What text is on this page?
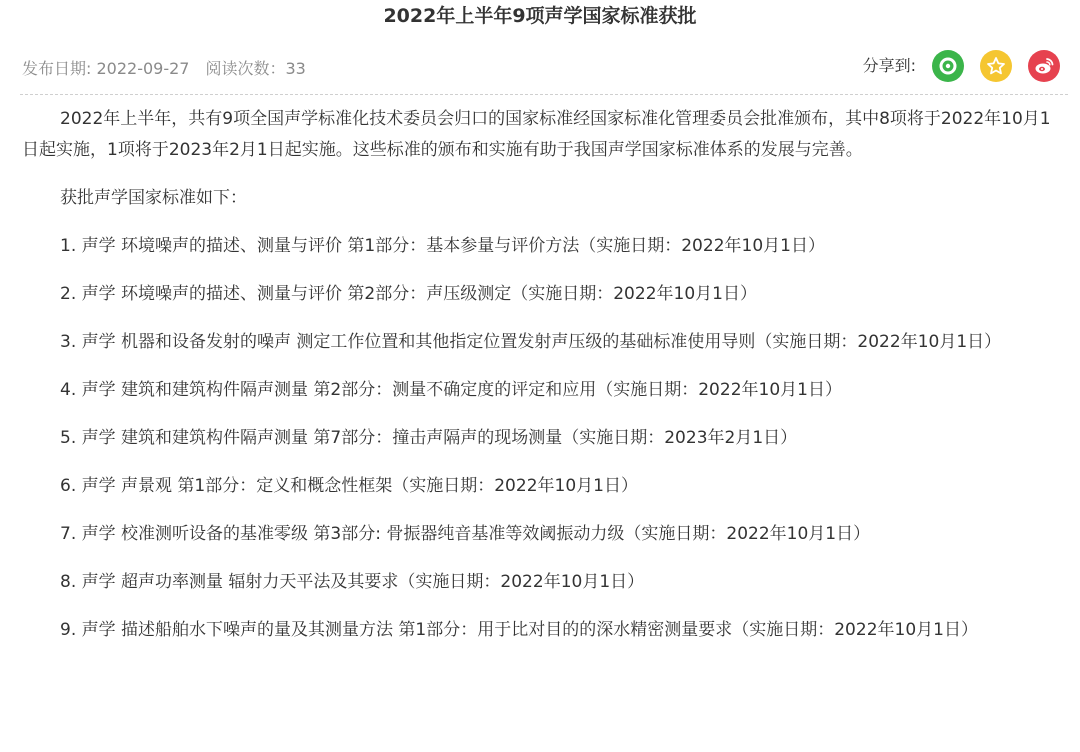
2022年上半年9项声学国家标准获批
发布日期: 2022-09-27 阅读次数：33	分享到:

2022年上半年，共有9项全国声学标准化技术委员会归口的国家标准经国家标准化管理委员会批准颁布，其中8项将于2022年10月1日起实施，1项将于2023年2月1日起实施。这些标准的颁布和实施有助于我国声学国家标准体系的发展与完善。

获批声学国家标准如下：

1. 声学 环境噪声的描述、测量与评价 第1部分：基本参量与评价方法（实施日期：2022年10月1日）

2. 声学 环境噪声的描述、测量与评价 第2部分：声压级测定（实施日期：2022年10月1日）

3. 声学 机器和设备发射的噪声 测定工作位置和其他指定位置发射声压级的基础标准使用导则（实施日期：2022年10月1日）

4. 声学 建筑和建筑构件隔声测量 第2部分：测量不确定度的评定和应用（实施日期：2022年10月1日）

5. 声学 建筑和建筑构件隔声测量 第7部分：撞击声隔声的现场测量（实施日期：2023年2月1日）

6. 声学 声景观 第1部分：定义和概念性框架（实施日期：2022年10月1日）

7. 声学 校准测听设备的基准零级 第3部分: 骨振器纯音基准等效阈振动力级（实施日期：2022年10月1日）

8. 声学 超声功率测量 辐射力天平法及其要求（实施日期：2022年10月1日）

9. 声学 描述船舶水下噪声的量及其测量方法 第1部分：用于比对目的的深水精密测量要求（实施日期：2022年10月1日）
